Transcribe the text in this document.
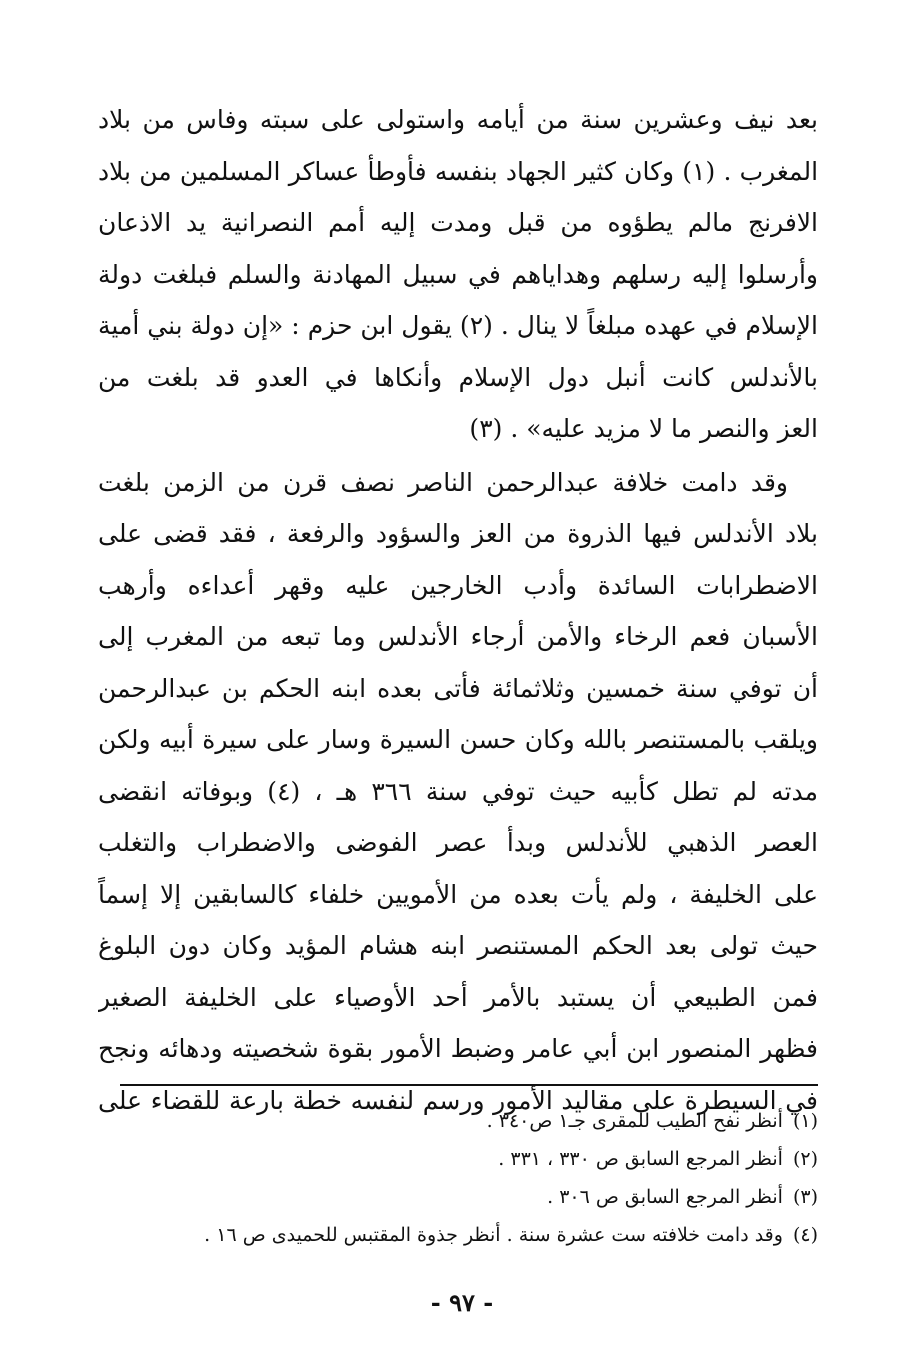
بعد نيف وعشرين سنة من أيامه واستولى على سبته وفاس من بلاد
المغرب . (١) وكان كثير الجهاد بنفسه فأوطأ عساكر المسلمين من بلاد
الافرنج مالم يطؤوه من قبل ومدت إليه أمم النصرانية يد الاذعان
وأرسلوا إليه رسلهم وهداياهم في سبيل المهادنة والسلم فبلغت دولة
الإسلام في عهده مبلغاً لا ينال . (٢) يقول ابن حزم : «إن دولة بني أمية
بالأندلس كانت أنبل دول الإسلام وأنكاها في العدو قد بلغت من
العز والنصر ما لا مزيد عليه» . (٣)
وقد دامت خلافة عبدالرحمن الناصر نصف قرن من الزمن بلغت
بلاد الأندلس فيها الذروة من العز والسؤود والرفعة ، فقد قضى على
الاضطرابات السائدة وأدب الخارجين عليه وقهر أعداءه وأرهب
الأسبان فعم الرخاء والأمن أرجاء الأندلس وما تبعه من المغرب إلى
أن توفي سنة خمسين وثلاثمائة فأتى بعده ابنه الحكم بن عبدالرحمن
ويلقب بالمستنصر بالله وكان حسن السيرة وسار على سيرة أبيه ولكن
مدته لم تطل كأبيه حيث توفي سنة ٣٦٦ هـ ، (٤) وبوفاته انقضى
العصر الذهبي للأندلس وبدأ عصر الفوضى والاضطراب والتغلب
على الخليفة ، ولم يأت بعده من الأمويين خلفاء كالسابقين إلا إسماً
حيث تولى بعد الحكم المستنصر ابنه هشام المؤيد وكان دون البلوغ
فمن الطبيعي أن يستبد بالأمر أحد الأوصياء على الخليفة الصغير
فظهر المنصور ابن أبي عامر وضبط الأمور بقوة شخصيته ودهائه ونجح
في السيطرة على مقاليد الأمور ورسم لنفسه خطة بارعة للقضاء على
(١)أنظر نفح الطيب للمقرى جـ١ ص٣٤٠ .
(٢)أنظر المرجع السابق ص ٣٣٠ ، ٣٣١ .
(٣)أنظر المرجع السابق ص ٣٠٦ .
(٤)وقد دامت خلافته ست عشرة سنة . أنظر جذوة المقتبس للحميدى ص ١٦ .
- ٩٧ -
